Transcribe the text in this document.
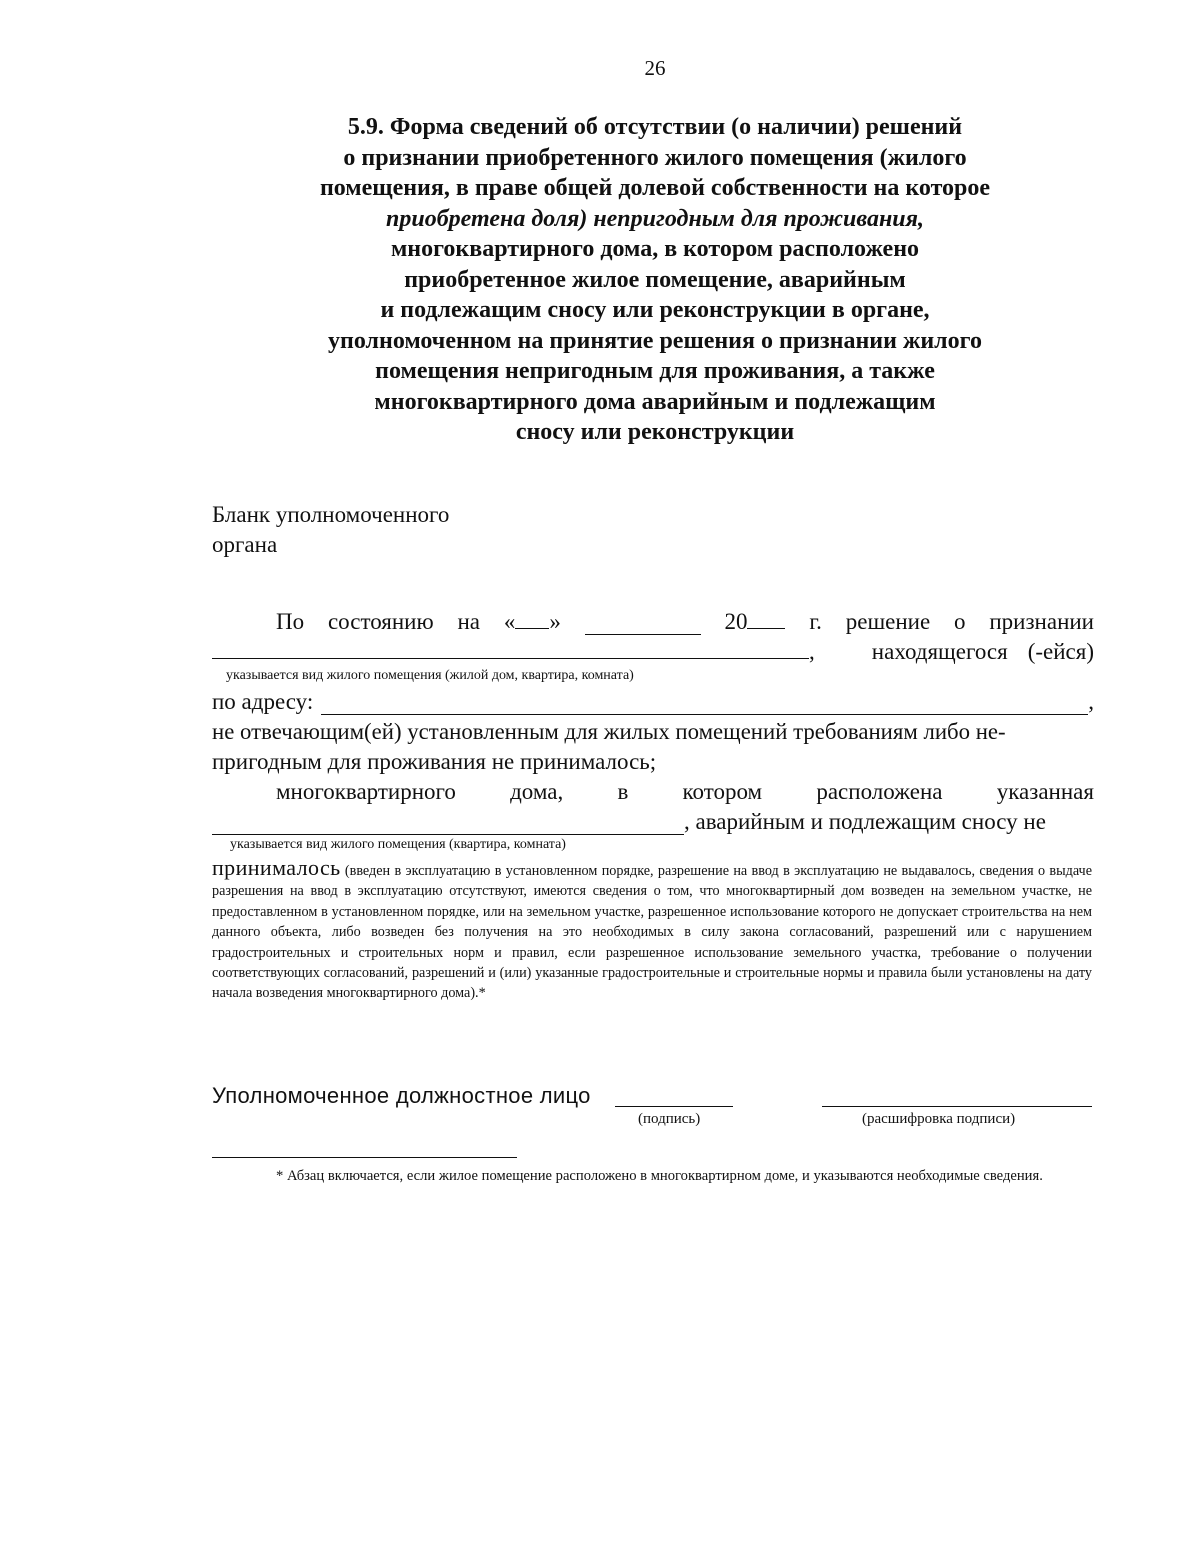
26
5.9. Форма сведений об отсутствии (о наличии) решений
о признании приобретенного жилого помещения (жилого
помещения, в праве общей долевой собственности на которое
приобретена доля) непригодным для проживания,
многоквартирного дома, в котором расположено
приобретенное жилое помещение, аварийным
и подлежащим сносу или реконструкции в органе,
уполномоченном на принятие решения о признании жилого
помещения непригодным для проживания, а также
многоквартирного дома аварийным и подлежащим
сносу или реконструкции
Бланк уполномоченного
органа
По состоянию на « »	20	г. решение о признании
, находящегося (-ейся)
указывается вид жилого помещения (жилой дом, квартира, комната)
по адресу:	,
не отвечающим(ей) установленным для жилых помещений требованиям либо не-
пригодным для проживания не принималось;
многоквартирного дома, в котором расположена указанная
, аварийным и подлежащим сносу не
указывается вид жилого помещения (квартира, комната)
принималось (введен в эксплуатацию в установленном порядке, разрешение на ввод в эксплуатацию не выдавалось, сведения о выдаче разрешения на ввод в эксплуатацию отсутствуют, имеются сведения о том, что многоквартирный дом возведен на земельном участке, не предоставленном в установленном порядке, или на земельном участке, разрешенное использование которого не допускает строительства на нем данного объекта, либо возведен без получения на это необходимых в силу закона согласований, разрешений или с нарушением градостроительных и строительных норм и правил, если разрешенное использование земельного участка, требование о получении соответствующих согласований, разрешений и (или) указанные градостроительные и строительные нормы и правила были установлены на дату начала возведения многоквартирного дома).*
Уполномоченное должностное лицо
(подпись)	(расшифровка подписи)
* Абзац включается, если жилое помещение расположено в многоквартирном доме, и указываются необходимые сведения.
